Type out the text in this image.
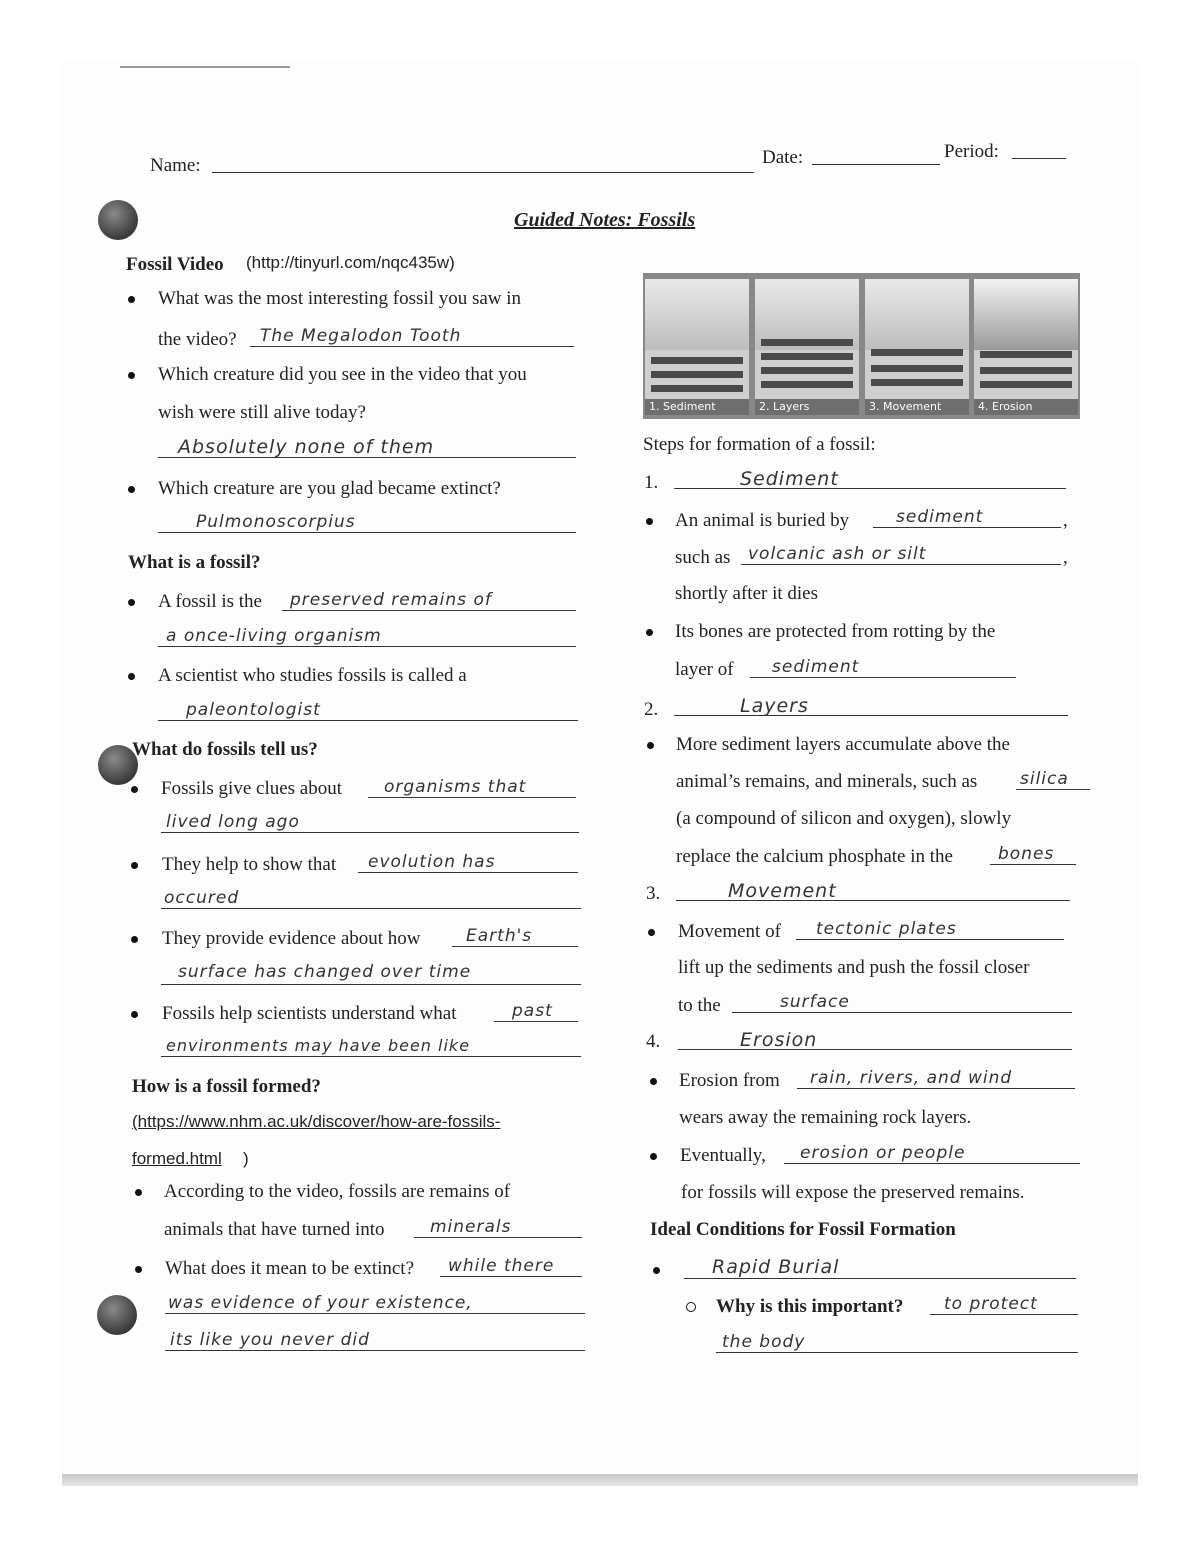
Name:	Date:	Period:
Guided Notes: Fossils
Fossil Video (http://tinyurl.com/nqc435w)
What was the most interesting fossil you saw in
the video? The Megalodon Tooth
Which creature did you see in the video that you
wish were still alive today?
Absolutely none of them
Which creature are you glad became extinct?
Pulmonoscorpius
What is a fossil?
A fossil is the preserved remains of
a once-living organism
A scientist who studies fossils is called a
paleontologist
What do fossils tell us?
Fossils give clues about organisms that
lived long ago
They help to show that evolution has
occured
They provide evidence about how	Earth's
surface has changed over time
Fossils help scientists understand what	past
environments may have been like
How is a fossil formed?
(https://www.nhm.ac.uk/discover/how-are-fossils-
formed.html )
According to the video, fossils are remains of
animals that have turned into	minerals
What does it mean to be extinct? while there
was evidence of your existence,
its like you never did
1. Sediment	2. Layers	3. Movement	4. Erosion
Steps for formation of a fossil:
1.	Sediment
An animal is buried by	sediment	,
such as volcanic ash or silt	,
shortly after it dies
Its bones are protected from rotting by the
layer of sediment
2.	Layers
More sediment layers accumulate above the
animal’s remains, and minerals, such as	silica
(a compound of silicon and oxygen), slowly
replace the calcium phosphate in the	bones
3.	Movement
Movement of tectonic plates
lift up the sediments and push the fossil closer
to the	surface
4.	Erosion
Erosion from rain, rivers, and wind
wears away the remaining rock layers.
Eventually, erosion or people
for fossils will expose the preserved remains.
Ideal Conditions for Fossil Formation
Rapid Burial
Why is this important? to protect
the body
